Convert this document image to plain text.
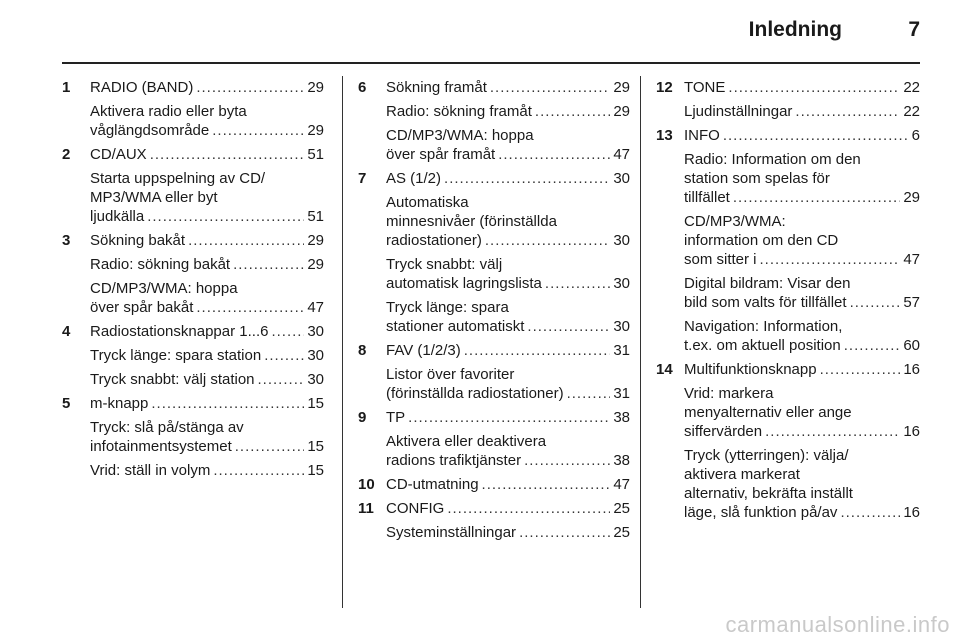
Inledning	7
1 RADIO (BAND) .....	29
Aktivera radio eller byta
våglängdsområde .....	29
2 CD/AUX .....	51
Starta uppspelning av CD/
MP3/WMA eller byt
ljudkälla .....	51
3 Sökning bakåt .....	29
Radio: sökning bakåt .....	29
CD/MP3/WMA: hoppa
över spår bakåt .....	47
4 Radiostationsknappar 1...6 .....	30
Tryck länge: spara station .....	30
Tryck snabbt: välj station .....	30
5 m-knapp .....	15
Tryck: slå på/stänga av
infotainmentsystemet .....	15
Vrid: ställ in volym .....	15
6 Sökning framåt .....	29
Radio: sökning framåt .....	29
CD/MP3/WMA: hoppa
över spår framåt .....	47
7 AS (1/2) .....	30
Automatiska
minnesnivåer (förinställda
radiostationer) .....	30
Tryck snabbt: välj
automatisk lagringslista .....	30
Tryck länge: spara
stationer automatiskt .....	30
8 FAV (1/2/3) .....	31
Listor över favoriter
(förinställda radiostationer) .....	31
9 TP .....	38
Aktivera eller deaktivera
radions trafiktjänster .....	38
10 CD-utmatning .....	47
11 CONFIG .....	25
Systeminställningar .....	25
12 TONE .....	22
Ljudinställningar .....	22
13 INFO .....	6
Radio: Information om den
station som spelas för
tillfället .....	29
CD/MP3/WMA:
information om den CD
som sitter i .....	47
Digital bildram: Visar den
bild som valts för tillfället .....	57
Navigation: Information,
t.ex. om aktuell position .....	60
14 Multifunktionsknapp .....	16
Vrid: markera
menyalternativ eller ange
siffervärden .....	16
Tryck (ytterringen): välja/
aktivera markerat
alternativ, bekräfta inställt
läge, slå funktion på/av .....	16
carmanualsonline.info
